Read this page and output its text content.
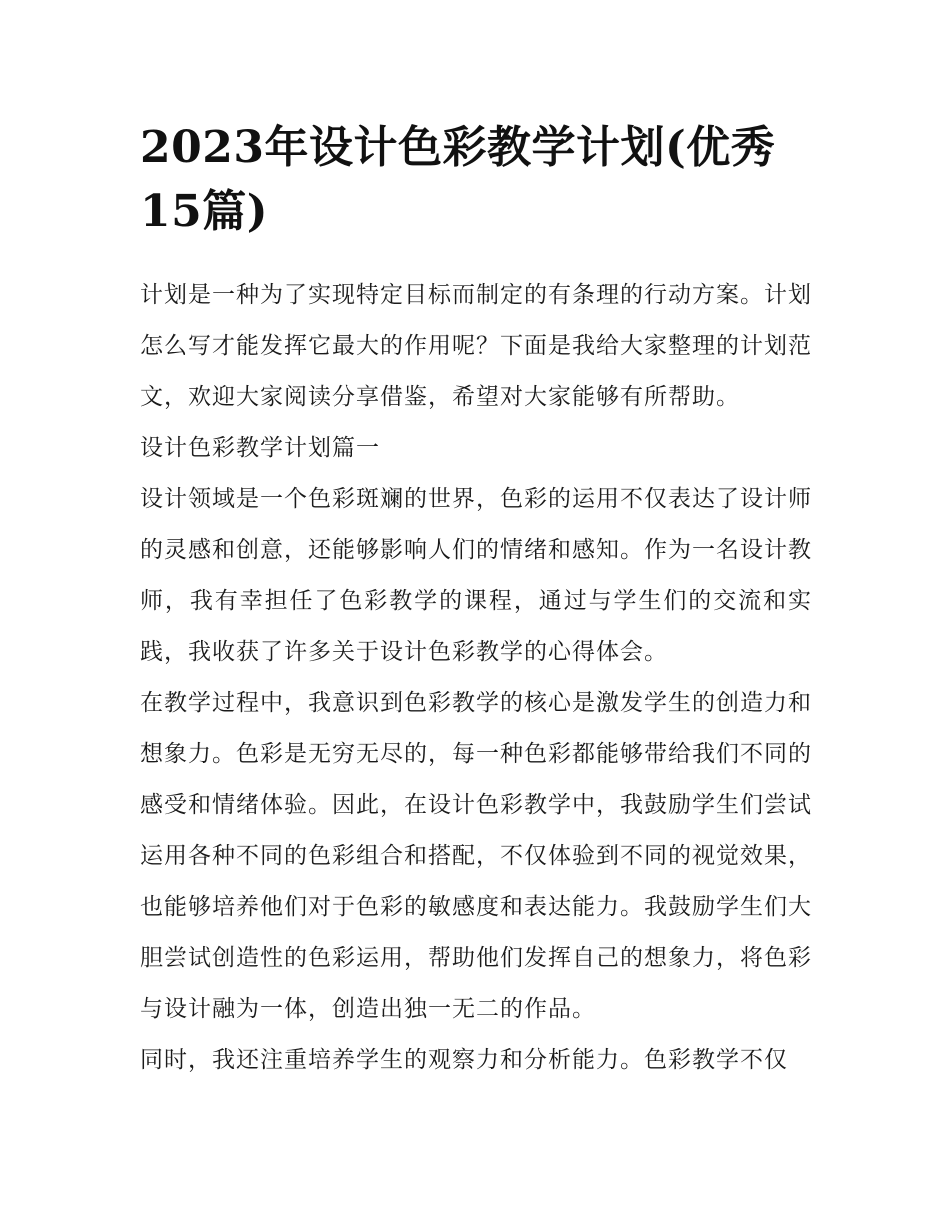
2023年设计色彩教学计划(优秀15篇)

计划是一种为了实现特定目标而制定的有条理的行动方案。计划怎么写才能发挥它最大的作用呢？下面是我给大家整理的计划范文，欢迎大家阅读分享借鉴，希望对大家能够有所帮助。

设计色彩教学计划篇一

设计领域是一个色彩斑斓的世界，色彩的运用不仅表达了设计师的灵感和创意，还能够影响人们的情绪和感知。作为一名设计教师，我有幸担任了色彩教学的课程，通过与学生们的交流和实践，我收获了许多关于设计色彩教学的心得体会。

在教学过程中，我意识到色彩教学的核心是激发学生的创造力和想象力。色彩是无穷无尽的，每一种色彩都能够带给我们不同的感受和情绪体验。因此，在设计色彩教学中，我鼓励学生们尝试运用各种不同的色彩组合和搭配，不仅体验到不同的视觉效果，也能够培养他们对于色彩的敏感度和表达能力。我鼓励学生们大胆尝试创造性的色彩运用，帮助他们发挥自己的想象力，将色彩与设计融为一体，创造出独一无二的作品。

同时，我还注重培养学生的观察力和分析能力。色彩教学不仅
